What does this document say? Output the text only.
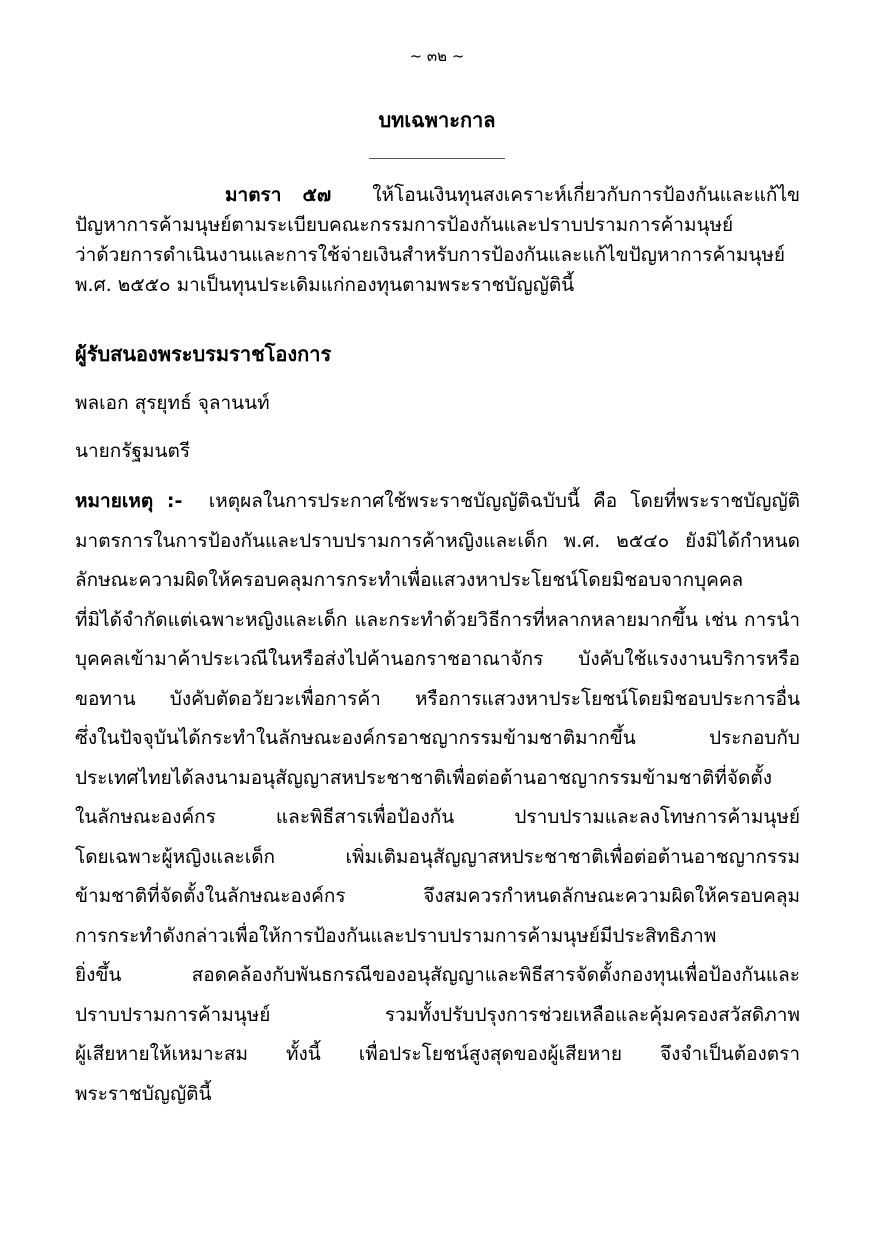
~ ๓๒ ~
บทเฉพาะกาล
มาตรา ๕๗ ให้โอนเงินทุนสงเคราะห์เกี่ยวกับการป้องกันและแก้ไข
ปัญหาการค้ามนุษย์ตามระเบียบคณะกรรมการป้องกันและปราบปรามการค้ามนุษย์
ว่าด้วยการดำเนินงานและการใช้จ่ายเงินสำหรับการป้องกันและแก้ไขปัญหาการค้ามนุษย์
พ.ศ. ๒๕๕๐ มาเป็นทุนประเดิมแก่กองทุนตามพระราชบัญญัตินี้
ผู้รับสนองพระบรมราชโองการ
พลเอก สุรยุทธ์ จุลานนท์
นายกรัฐมนตรี
หมายเหตุ :- เหตุผลในการประกาศใช้พระราชบัญญัติฉบับนี้ คือ โดยที่พระราชบัญญัติ
มาตรการในการป้องกันและปราบปรามการค้าหญิงและเด็ก พ.ศ. ๒๕๔๐ ยังมิได้กำหนด
ลักษณะความผิดให้ครอบคลุมการกระทำเพื่อแสวงหาประโยชน์โดยมิชอบจากบุคคล
ที่มิได้จำกัดแต่เฉพาะหญิงและเด็ก และกระทำด้วยวิธีการที่หลากหลายมากขึ้น เช่น การนำ
บุคคลเข้ามาค้าประเวณีในหรือส่งไปค้านอกราชอาณาจักร บังคับใช้แรงงานบริการหรือ
ขอทาน บังคับตัดอวัยวะเพื่อการค้า หรือการแสวงหาประโยชน์โดยมิชอบประการอื่น
ซึ่งในปัจจุบันได้กระทำในลักษณะองค์กรอาชญากรรมข้ามชาติมากขึ้น ประกอบกับ
ประเทศไทยได้ลงนามอนุสัญญาสหประชาชาติเพื่อต่อต้านอาชญากรรมข้ามชาติที่จัดตั้ง
ในลักษณะองค์กร และพิธีสารเพื่อป้องกัน ปราบปรามและลงโทษการค้ามนุษย์
โดยเฉพาะผู้หญิงและเด็ก เพิ่มเติมอนุสัญญาสหประชาชาติเพื่อต่อต้านอาชญากรรม
ข้ามชาติที่จัดตั้งในลักษณะองค์กร จึงสมควรกำหนดลักษณะความผิดให้ครอบคลุม
การกระทำดังกล่าวเพื่อให้การป้องกันและปราบปรามการค้ามนุษย์มีประสิทธิภาพ
ยิ่งขึ้น สอดคล้องกับพันธกรณีของอนุสัญญาและพิธีสารจัดตั้งกองทุนเพื่อป้องกันและ
ปราบปรามการค้ามนุษย์ รวมทั้งปรับปรุงการช่วยเหลือและคุ้มครองสวัสดิภาพ
ผู้เสียหายให้เหมาะสม ทั้งนี้ เพื่อประโยชน์สูงสุดของผู้เสียหาย จึงจำเป็นต้องตรา
พระราชบัญญัตินี้
